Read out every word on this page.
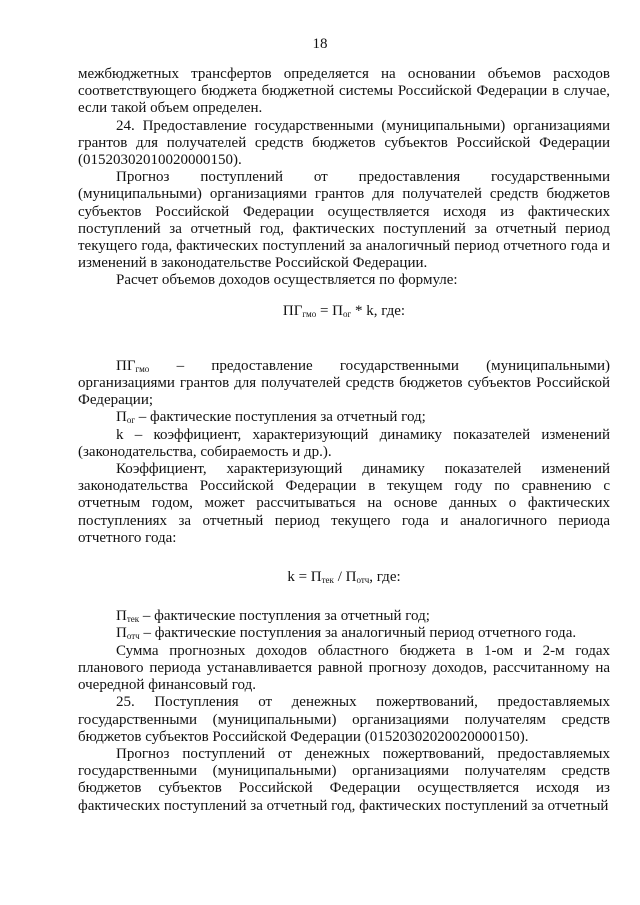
18

межбюджетных трансфертов определяется на основании объемов расходов соответствующего бюджета бюджетной системы Российской Федерации в случае, если такой объем определен.

24. Предоставление государственными (муниципальными) организациями грантов для получателей средств бюджетов субъектов Российской Федерации (01520302010020000150).

Прогноз поступлений от предоставления государственными (муниципальными) организациями грантов для получателей средств бюджетов субъектов Российской Федерации осуществляется исходя из фактических поступлений за отчетный год, фактических поступлений за отчетный период текущего года, фактических поступлений за аналогичный период отчетного года и изменений в законодательстве Российской Федерации.

Расчет объемов доходов осуществляется по формуле:

$ПГ_{гмо} = П_{ог} * k$, где:

$ПГ_{гмо}$ – предоставление государственными (муниципальными) организациями грантов для получателей средств бюджетов субъектов Российской Федерации;

$П_{ог}$ – фактические поступления за отчетный год;

k – коэффициент, характеризующий динамику показателей изменений (законодательства, собираемость и др.).

Коэффициент, характеризующий динамику показателей изменений законодательства Российской Федерации в текущем году по сравнению с отчетным годом, может рассчитываться на основе данных о фактических поступлениях за отчетный период текущего года и аналогичного периода отчетного года:

$k = П_{тек} / П_{отч}$, где:

$П_{тек}$ – фактические поступления за отчетный год;

$П_{отч}$ – фактические поступления за аналогичный период отчетного года.

Сумма прогнозных доходов областного бюджета в 1-ом и 2-м годах планового периода устанавливается равной прогнозу доходов, рассчитанному на очередной финансовый год.

25. Поступления от денежных пожертвований, предоставляемых государственными (муниципальными) организациями получателям средств бюджетов субъектов Российской Федерации (01520302020020000150).

Прогноз поступлений от денежных пожертвований, предоставляемых государственными (муниципальными) организациями получателям средств бюджетов субъектов Российской Федерации осуществляется исходя из фактических поступлений за отчетный год, фактических поступлений за отчетный
